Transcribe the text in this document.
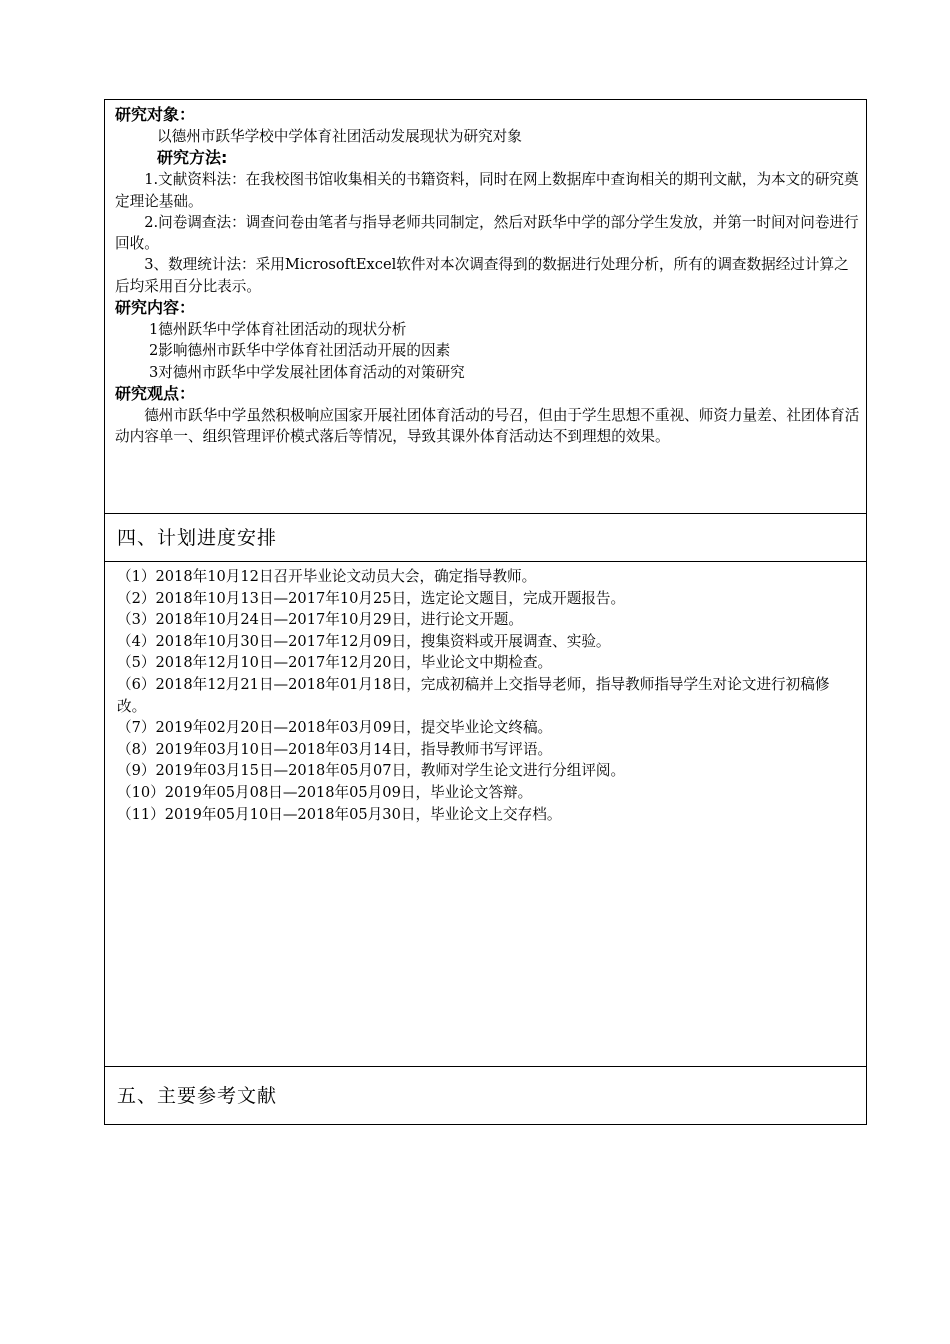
研究对象：

以德州市跃华学校中学体育社团活动发展现状为研究对象

研究方法:

1.文献资料法：在我校图书馆收集相关的书籍资料，同时在网上数据库中查询相关的期刊文献，为本文的研究奠定理论基础。

2.问卷调查法：调查问卷由笔者与指导老师共同制定，然后对跃华中学的部分学生发放，并第一时间对问卷进行回收。

3、数理统计法：采用MicrosoftExcel软件对本次调查得到的数据进行处理分析，所有的调查数据经过计算之后均采用百分比表示。

研究内容：

1德州跃华中学体育社团活动的现状分析

2影响德州市跃华中学体育社团活动开展的因素

3对德州市跃华中学发展社团体育活动的对策研究

研究观点：

德州市跃华中学虽然积极响应国家开展社团体育活动的号召，但由于学生思想不重视、师资力量差、社团体育活动内容单一、组织管理评价模式落后等情况，导致其课外体育活动达不到理想的效果。

四、计划进度安排

（1）2018年10月12日召开毕业论文动员大会，确定指导教师。

（2）2018年10月13日—2017年10月25日，选定论文题目，完成开题报告。

（3）2018年10月24日—2017年10月29日，进行论文开题。

（4）2018年10月30日—2017年12月09日，搜集资料或开展调查、实验。

（5）2018年12月10日—2017年12月20日，毕业论文中期检查。

（6）2018年12月21日—2018年01月18日，完成初稿并上交指导老师，指导教师指导学生对论文进行初稿修改。

（7）2019年02月20日—2018年03月09日，提交毕业论文终稿。

（8）2019年03月10日—2018年03月14日，指导教师书写评语。

（9）2019年03月15日—2018年05月07日，教师对学生论文进行分组评阅。

（10）2019年05月08日—2018年05月09日，毕业论文答辩。

（11）2019年05月10日—2018年05月30日，毕业论文上交存档。

五、主要参考文献
